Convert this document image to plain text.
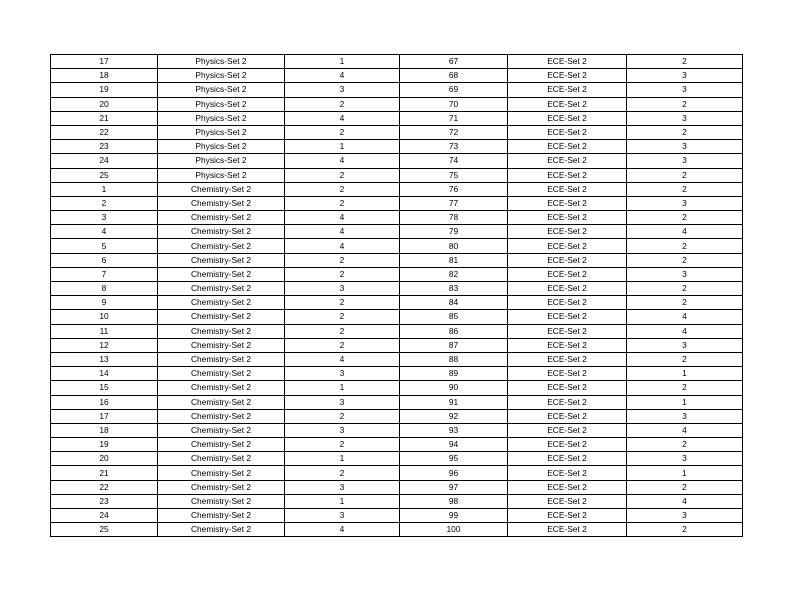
17	Physics-Set 2	1	67	ECE-Set 2	2
18	Physics-Set 2	4	68	ECE-Set 2	3
19	Physics-Set 2	3	69	ECE-Set 2	3
20	Physics-Set 2	2	70	ECE-Set 2	2
21	Physics-Set 2	4	71	ECE-Set 2	3
22	Physics-Set 2	2	72	ECE-Set 2	2
23	Physics-Set 2	1	73	ECE-Set 2	3
24	Physics-Set 2	4	74	ECE-Set 2	3
25	Physics-Set 2	2	75	ECE-Set 2	2
1	Chemistry-Set 2	2	76	ECE-Set 2	2
2	Chemistry-Set 2	2	77	ECE-Set 2	3
3	Chemistry-Set 2	4	78	ECE-Set 2	2
4	Chemistry-Set 2	4	79	ECE-Set 2	4
5	Chemistry-Set 2	4	80	ECE-Set 2	2
6	Chemistry-Set 2	2	81	ECE-Set 2	2
7	Chemistry-Set 2	2	82	ECE-Set 2	3
8	Chemistry-Set 2	3	83	ECE-Set 2	2
9	Chemistry-Set 2	2	84	ECE-Set 2	2
10	Chemistry-Set 2	2	85	ECE-Set 2	4
11	Chemistry-Set 2	2	86	ECE-Set 2	4
12	Chemistry-Set 2	2	87	ECE-Set 2	3
13	Chemistry-Set 2	4	88	ECE-Set 2	2
14	Chemistry-Set 2	3	89	ECE-Set 2	1
15	Chemistry-Set 2	1	90	ECE-Set 2	2
16	Chemistry-Set 2	3	91	ECE-Set 2	1
17	Chemistry-Set 2	2	92	ECE-Set 2	3
18	Chemistry-Set 2	3	93	ECE-Set 2	4
19	Chemistry-Set 2	2	94	ECE-Set 2	2
20	Chemistry-Set 2	1	95	ECE-Set 2	3
21	Chemistry-Set 2	2	96	ECE-Set 2	1
22	Chemistry-Set 2	3	97	ECE-Set 2	2
23	Chemistry-Set 2	1	98	ECE-Set 2	4
24	Chemistry-Set 2	3	99	ECE-Set 2	3
25	Chemistry-Set 2	4	100	ECE-Set 2	2
